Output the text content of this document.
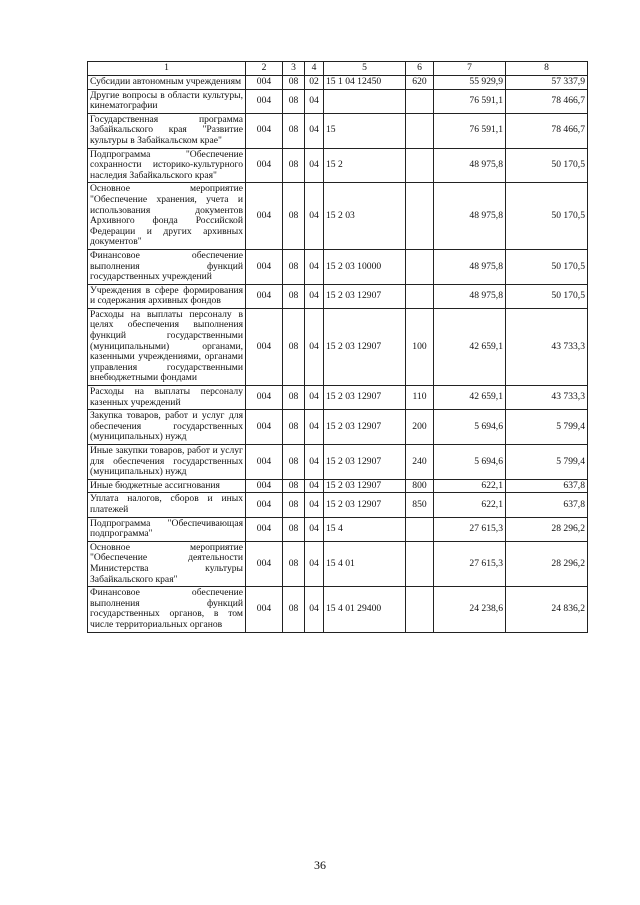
1	2	3	4	5	6	7	8
Субсидии автономным учреждениям	004	08	02	15 1 04 12450	620	55 929,9	57 337,9
Другие вопросы в области культуры, кинематографии	004	08	04			76 591,1	78 466,7
Государственная программа Забайкальского края "Развитие культуры в Забайкальском крае"	004	08	04	15		76 591,1	78 466,7
Подпрограмма "Обеспечение сохранности историко-культурного наследия Забайкальского края"	004	08	04	15 2		48 975,8	50 170,5
Основное мероприятие "Обеспечение хранения, учета и использования документов Архивного фонда Российской Федерации и других архивных документов"	004	08	04	15 2 03		48 975,8	50 170,5
Финансовое обеспечение выполнения функций государственных учреждений	004	08	04	15 2 03 10000		48 975,8	50 170,5
Учреждения в сфере формирования и содержания архивных фондов	004	08	04	15 2 03 12907		48 975,8	50 170,5
Расходы на выплаты персоналу в целях обеспечения выполнения функций государственными (муниципальными) органами, казенными учреждениями, органами управления государственными внебюджетными фондами	004	08	04	15 2 03 12907	100	42 659,1	43 733,3
Расходы на выплаты персоналу казенных учреждений	004	08	04	15 2 03 12907	110	42 659,1	43 733,3
Закупка товаров, работ и услуг для обеспечения государственных (муниципальных) нужд	004	08	04	15 2 03 12907	200	5 694,6	5 799,4
Иные закупки товаров, работ и услуг для обеспечения государственных (муниципальных) нужд	004	08	04	15 2 03 12907	240	5 694,6	5 799,4
Иные бюджетные ассигнования	004	08	04	15 2 03 12907	800	622,1	637,8
Уплата налогов, сборов и иных платежей	004	08	04	15 2 03 12907	850	622,1	637,8
Подпрограмма "Обеспечивающая подпрограмма"	004	08	04	15 4		27 615,3	28 296,2
Основное мероприятие "Обеспечение деятельности Министерства культуры Забайкальского края"	004	08	04	15 4 01		27 615,3	28 296,2
Финансовое обеспечение выполнения функций государственных органов, в том числе территориальных органов	004	08	04	15 4 01 29400		24 238,6	24 836,2
36
